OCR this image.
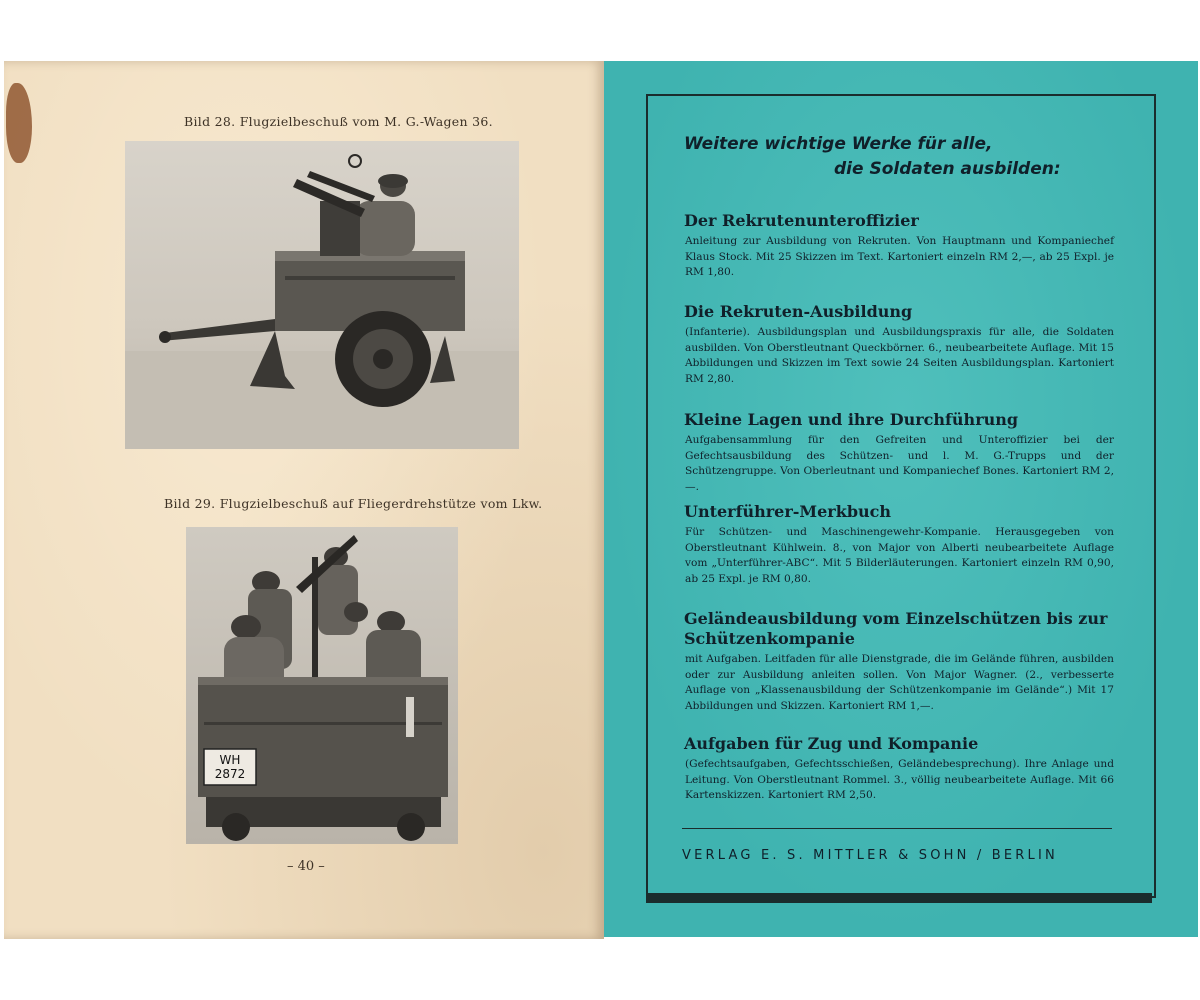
Bild 28. Flugzielbeschuß vom M. G.-Wagen 36.
Bild 29. Flugzielbeschuß auf Fliegerdrehstütze vom Lkw.
WH 2872
– 40 –
Weitere wichtige Werke für alle,
die Soldaten ausbilden:
Der Rekrutenunteroffizier
Anleitung zur Ausbildung von Rekruten. Von Hauptmann und Kompaniechef Klaus Stock. Mit 25 Skizzen im Text. Kartoniert einzeln RM 2,—, ab 25 Expl. je RM 1,80.
Die Rekruten-Ausbildung
(Infanterie). Ausbildungsplan und Ausbildungspraxis für alle, die Soldaten ausbilden. Von Oberstleutnant Queckbörner. 6., neubearbeitete Auflage. Mit 15 Abbildungen und Skizzen im Text sowie 24 Seiten Ausbildungsplan. Kartoniert RM 2,80.
Kleine Lagen und ihre Durchführung
Aufgabensammlung für den Gefreiten und Unteroffizier bei der Gefechtsausbildung des Schützen- und l. M. G.-Trupps und der Schützengruppe. Von Oberleutnant und Kompaniechef Bones. Kartoniert RM 2,—.
Unterführer-Merkbuch
Für Schützen- und Maschinengewehr-Kompanie. Herausgegeben von Oberstleutnant Kühlwein. 8., von Major von Alberti neubearbeitete Auflage vom „Unterführer-ABC“. Mit 5 Bilderläuterungen. Kartoniert einzeln RM 0,90, ab 25 Expl. je RM 0,80.
Geländeausbildung vom Einzelschützen bis zur Schützenkompanie
mit Aufgaben. Leitfaden für alle Dienstgrade, die im Gelände führen, ausbilden oder zur Ausbildung anleiten sollen. Von Major Wagner. (2., verbesserte Auflage von „Klassenausbildung der Schützenkompanie im Gelände“.) Mit 17 Abbildungen und Skizzen. Kartoniert RM 1,—.
Aufgaben für Zug und Kompanie
(Gefechtsaufgaben, Gefechtsschießen, Geländebesprechung). Ihre Anlage und Leitung. Von Oberstleutnant Rommel. 3., völlig neubearbeitete Auflage. Mit 66 Kartenskizzen. Kartoniert RM 2,50.
VERLAG E. S. MITTLER & SOHN / BERLIN
